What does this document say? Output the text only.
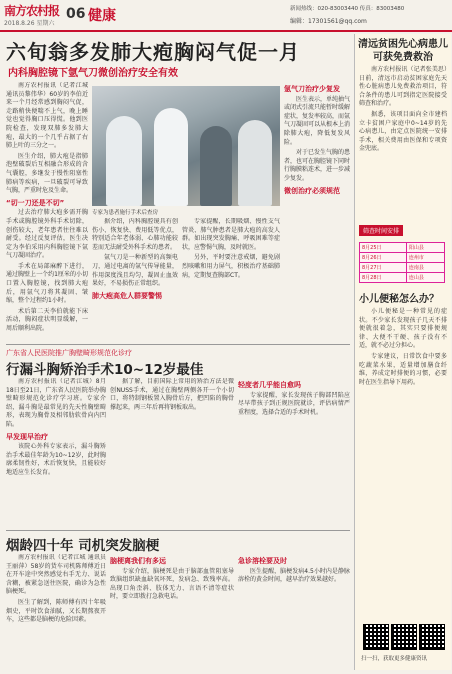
南方农村报
2018.8.26 星期六
06 健康	新闻热线：020-83003440 传真：83003480
编辑：17301561@qq.com
六旬翁多发肺大疱胸闷气促一月
内科胸腔镜下氩气刀微创治疗安全有效

南方农村报讯（记者江城 通讯员黎伟华）60岁的李伯近来一个月经常感到胸闷气促，走路稍快便喘不上气，晚上睡觉也觉得胸口压得慌。他到医院检查，发现双肺多发肺大疱，最大的一个几乎占据了右肺上叶的三分之一。

医生介绍，肺大疱是指肺泡壁破裂后互相融合形成的含气囊腔，多继发于慢性阻塞性肺病等疾病，一旦破裂可导致气胸，严重时危及生命。

“切一刀还是不切”

过去治疗肺大疱多需开胸手术或胸腔镜外科手术切除，创伤较大，老年患者往往难以耐受。经过反复评估，医生决定为李伯采用内科胸腔镜下氩气刀凝固治疗。

手术在局部麻醉下进行，通过胸壁上一个约1厘米的小切口置入胸腔镜，找到肺大疱后，用氩气刀将其凝固、皱缩，整个过程约1小时。

术后第二天李伯就能下床活动，胸闷症状明显缓解，一周后顺利出院。

专家为患者施行手术后查房

据介绍，内科胸腔镜具有创伤小、恢复快、费用低等优点，特别适合年老体弱、心肺功能较差而无法耐受外科手术的患者。

氩气刀是一种新型的高频电刀，通过电离的氩气传导能量，作用深度浅且均匀，凝固止血效果好，不易损伤正常组织。

肺大疱高危人群要警惕

专家提醒，长期吸烟、慢性支气管炎、肺气肿患者是肺大疱的高发人群。如出现突发胸痛、呼吸困难等症状，应警惕气胸，及时就医。

另外，平时要注意戒烟，避免剧烈咳嗽和用力屏气，积极治疗基础肺病，定期复查胸部CT。

氩气刀治疗少复发

医生表示，单纯抽气或闭式引流只能暂时缓解症状，复发率较高，而氩气刀凝固可以从根本上消除肺大疱，降低复发风险。

对于已发生气胸的患者，也可在胸腔镜下同时行胸膜粘连术，进一步减少复发。

微创治疗必须规范
广东省人民医院推广胸壁畸形规范化诊疗
行漏斗胸矫治手术10~12岁最佳

南方农村报讯（记者江城）8月18日至21日，广东省人民医院举办胸壁畸形规范化诊疗学习班。专家介绍，漏斗胸是最常见的先天性胸壁畸形，表现为胸骨及相邻肋软骨向内凹陷。

早发现早治疗

该院心外科专家表示，漏斗胸矫治手术最佳年龄为10~12岁，此时胸廓柔韧性好，术后恢复快，且能较好地适应生长发育。

据了解，目前国际上常用的矫治方法是微创NUSS手术，通过在胸壁两侧各开一个小切口，将特制钢板置入胸骨后方，把凹陷的胸骨撑起来，两三年后再将钢板取出。

轻度者几乎能自愈吗

专家提醒，家长发现孩子胸部凹陷应尽早带孩子到正规医院就诊，评估病情严重程度，选择合适的手术时机。

烟龄四十年 司机突发脑梗

南方农村报讯（记者江城 通讯员王丽萍）58岁的货车司机陈师傅近日在开车途中突然感觉右手无力、说话含糊，被紧急送往医院，确诊为急性脑梗死。

医生了解到，陈师傅有四十年吸烟史，平时饮食油腻，又长期熬夜开车，这些都是脑梗的危险因素。

脑梗离我们有多远

专家介绍，脑梗死是由于脑部血管阻塞导致脑组织缺血缺氧坏死，发病急、致残率高。出现口角歪斜、肢体无力、言语不清等症状时，要立即拨打急救电话。

急诊溶栓要及时

医生提醒，脑梗发病4.5小时内是静脉溶栓的黄金时间，越早治疗效果越好。

清远贫困先心病患儿可获免费救治

南方农村报讯（记者张美思）日前，清远市启动贫困家庭先天性心脏病患儿免费救治项目，符合条件的患儿可到指定医院接受筛查和治疗。

据悉，该项目面向全市建档立卡贫困户家庭中0~14岁的先心病患儿，由定点医院统一安排手术，相关费用由医保和专项资金兜底。

筛查时间安排
8月25日	阳山县
8月26日	连州市
8月27日	连南县
8月28日	连山县
小儿便秘怎么办？

小儿便秘是一种常见的症状。不少家长发现孩子几天不排便就很着急，其实只要排便规律、大便不干硬、孩子没有不适，就不必过分担心。

专家建议，日常饮食中要多吃蔬菜水果，适量增加膳食纤维，养成定时排便的习惯，必要时在医生指导下用药。

扫一扫，获取更多健康资讯
